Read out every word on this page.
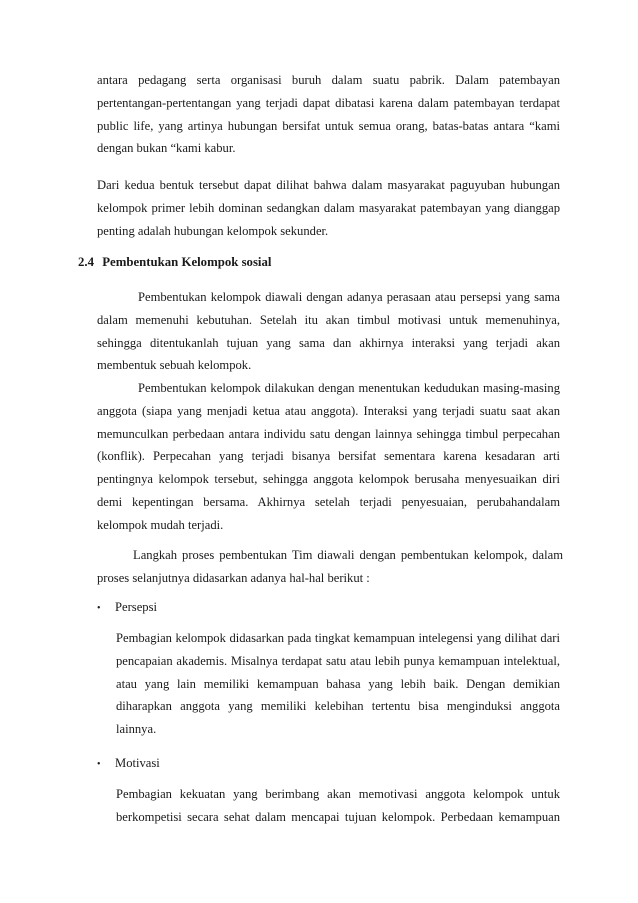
antara pedagang serta organisasi buruh dalam suatu pabrik. Dalam patembayan pertentangan-pertentangan yang terjadi dapat dibatasi karena dalam patembayan terdapat public life, yang artinya hubungan bersifat untuk semua orang, batas-batas antara “kami dengan bukan “kami kabur.

Dari kedua bentuk tersebut dapat dilihat bahwa dalam masyarakat paguyuban hubungan kelompok primer lebih dominan sedangkan dalam masyarakat patembayan yang dianggap penting adalah hubungan kelompok sekunder.

2.4 Pembentukan Kelompok sosial

Pembentukan kelompok diawali dengan adanya perasaan atau persepsi yang sama dalam memenuhi kebutuhan. Setelah itu akan timbul motivasi untuk memenuhinya, sehingga ditentukanlah tujuan yang sama dan akhirnya interaksi yang terjadi akan membentuk sebuah kelompok.

Pembentukan kelompok dilakukan dengan menentukan kedudukan masing-masing anggota (siapa yang menjadi ketua atau anggota). Interaksi yang terjadi suatu saat akan memunculkan perbedaan antara individu satu dengan lainnya sehingga timbul perpecahan (konflik). Perpecahan yang terjadi bisanya bersifat sementara karena kesadaran arti pentingnya kelompok tersebut, sehingga anggota kelompok berusaha menyesuaikan diri demi kepentingan bersama. Akhirnya setelah terjadi penyesuaian, perubahandalam kelompok mudah terjadi.

Langkah proses pembentukan Tim diawali dengan pembentukan kelompok, dalam proses selanjutnya didasarkan adanya hal-hal berikut :

•	Persepsi

Pembagian kelompok didasarkan pada tingkat kemampuan intelegensi yang dilihat dari pencapaian akademis. Misalnya terdapat satu atau lebih punya kemampuan intelektual, atau yang lain memiliki kemampuan bahasa yang lebih baik. Dengan demikian diharapkan anggota yang memiliki kelebihan tertentu bisa menginduksi anggota lainnya.

•	Motivasi

Pembagian kekuatan yang berimbang akan memotivasi anggota kelompok untuk berkompetisi secara sehat dalam mencapai tujuan kelompok. Perbedaan kemampuan
